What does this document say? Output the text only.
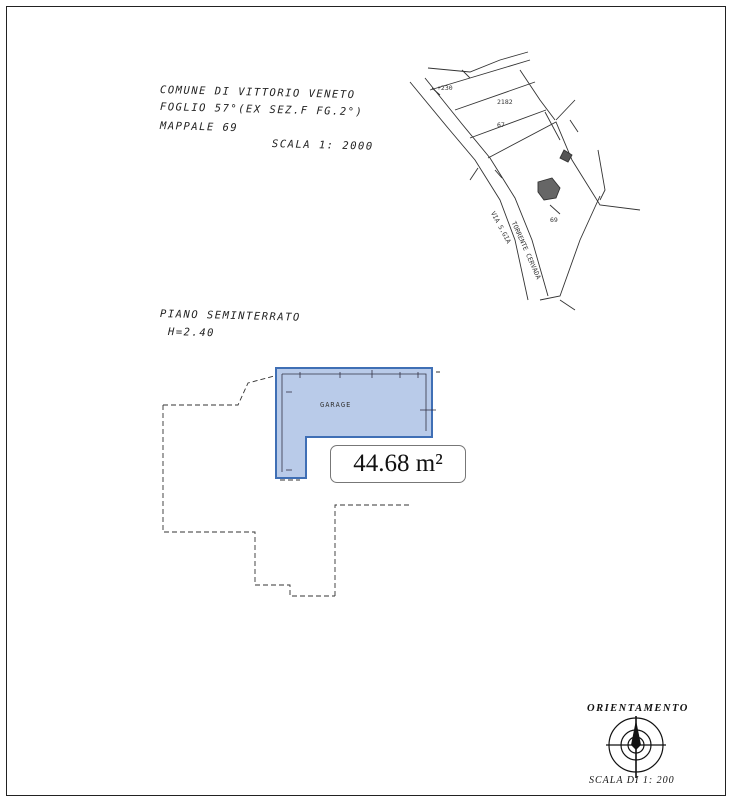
COMUNE DI VITTORIO VENETO
FOGLIO 57°(EX SEZ.F FG.2°)
MAPPALE 69
SCALA 1: 2000
PIANO SEMINTERRATO
H=2.40
GARAGE
44.68 m²
+230
2182
67
69
VIA S.GIA
TORRENTE CERVADA
ORIENTAMENTO
SCALA DI 1: 200
